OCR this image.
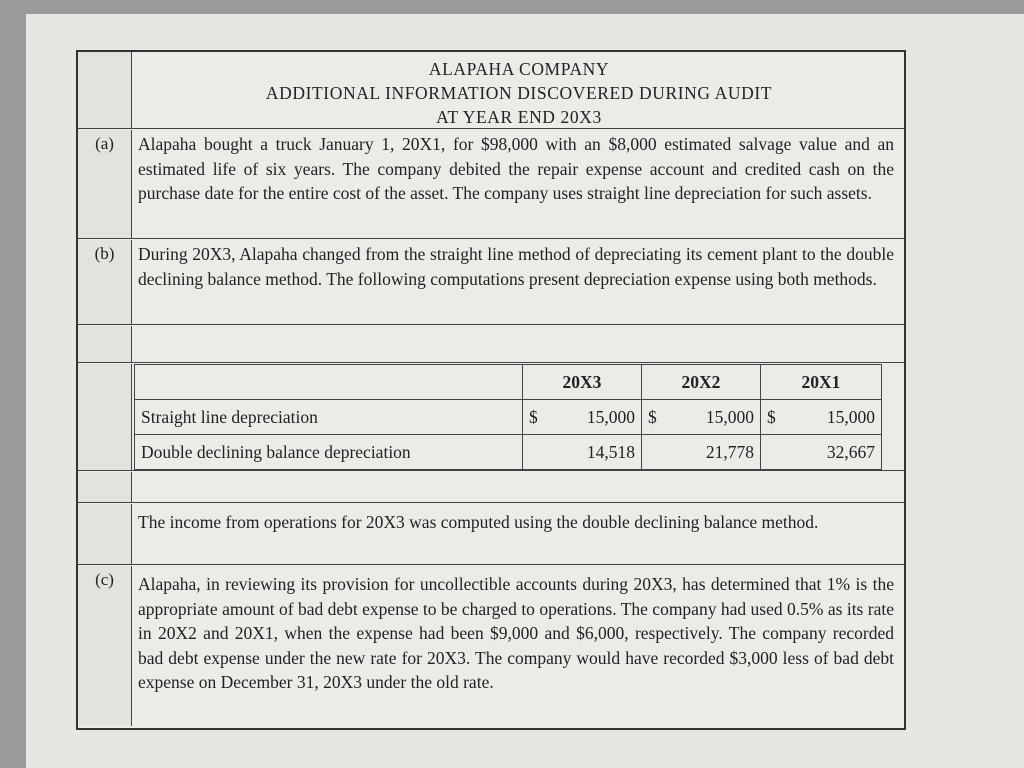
ALAPAHA COMPANY
ADDITIONAL INFORMATION DISCOVERED DURING AUDIT
AT YEAR END 20X3
(a)	Alapaha bought a truck January 1, 20X1, for $98,000 with an $8,000 estimated salvage value and an estimated life of six years. The company debited the repair expense account and credited cash on the purchase date for the entire cost of the asset. The company uses straight line depreciation for such assets.
(b)	During 20X3, Alapaha changed from the straight line method of depreciating its cement plant to the double declining balance method. The following computations present depreciation expense using both methods.
	20X3		20X2		20X1	
Straight line depreciation	$	15,000	$	15,000	$	15,000
Double declining balance depreciation		14,518		21,778		32,667
The income from operations for 20X3 was computed using the double declining balance method.
(c)	Alapaha, in reviewing its provision for uncollectible accounts during 20X3, has determined that 1% is the appropriate amount of bad debt expense to be charged to operations. The company had used 0.5% as its rate in 20X2 and 20X1, when the expense had been $9,000 and $6,000, respectively. The company recorded bad debt expense under the new rate for 20X3. The company would have recorded $3,000 less of bad debt expense on December 31, 20X3 under the old rate.
